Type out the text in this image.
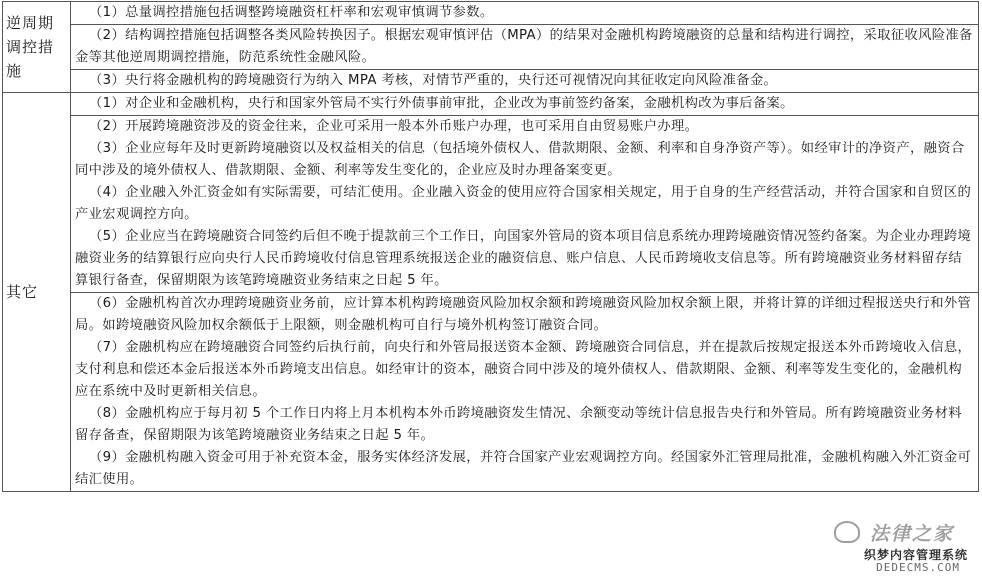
逆周期调控措施	（1）总量调控措施包括调整跨境融资杠杆率和宏观审慎调节参数。

	（2）结构调控措施包括调整各类风险转换因子。根据宏观审慎评估（MPA）的结果对金融机构跨境融资的总量和结构进行调控，采取征收风险准备金等其他逆周期调控措施，防范系统性金融风险。

	（3）央行将金融机构的跨境融资行为纳入 MPA 考核，对情节严重的，央行还可视情况向其征收定向风险准备金。

其它	（1）对企业和金融机构，央行和国家外管局不实行外债事前审批，企业改为事前签约备案，金融机构改为事后备案。

	（2）开展跨境融资涉及的资金往来，企业可采用一般本外币账户办理，也可采用自由贸易账户办理。
（3）企业应每年及时更新跨境融资以及权益相关的信息（包括境外债权人、借款期限、金额、利率和自身净资产等）。如经审计的净资产，融资合同中涉及的境外债权人、借款期限、金额、利率等发生变化的，企业应及时办理备案变更。
（4）企业融入外汇资金如有实际需要，可结汇使用。企业融入资金的使用应符合国家相关规定，用于自身的生产经营活动，并符合国家和自贸区的产业宏观调控方向。
（5）企业应当在跨境融资合同签约后但不晚于提款前三个工作日，向国家外管局的资本项目信息系统办理跨境融资情况签约备案。为企业办理跨境融资业务的结算银行应向央行人民币跨境收付信息管理系统报送企业的融资信息、账户信息、人民币跨境收支信息等。所有跨境融资业务材料留存结算银行备查，保留期限为该笔跨境融资业务结束之日起 5 年。

	（6）金融机构首次办理跨境融资业务前，应计算本机构跨境融资风险加权余额和跨境融资风险加权余额上限，并将计算的详细过程报送央行和外管局。如跨境融资风险加权余额低于上限额，则金融机构可自行与境外机构签订融资合同。
（7）金融机构应在跨境融资合同签约后执行前，向央行和外管局报送资本金额、跨境融资合同信息，并在提款后按规定报送本外币跨境收入信息，支付利息和偿还本金后报送本外币跨境支出信息。如经审计的资本，融资合同中涉及的境外债权人、借款期限、金额、利率等发生变化的，金融机构应在系统中及时更新相关信息。
（8）金融机构应于每月初 5 个工作日内将上月本机构本外币跨境融资发生情况、余额变动等统计信息报告央行和外管局。所有跨境融资业务材料留存备查，保留期限为该笔跨境融资业务结束之日起 5 年。
（9）金融机构融入资金可用于补充资本金，服务实体经济发展，并符合国家产业宏观调控方向。经国家外汇管理局批准，金融机构融入外汇资金可结汇使用。
法律之家
织梦内容管理系统
DEDECMS.COM
